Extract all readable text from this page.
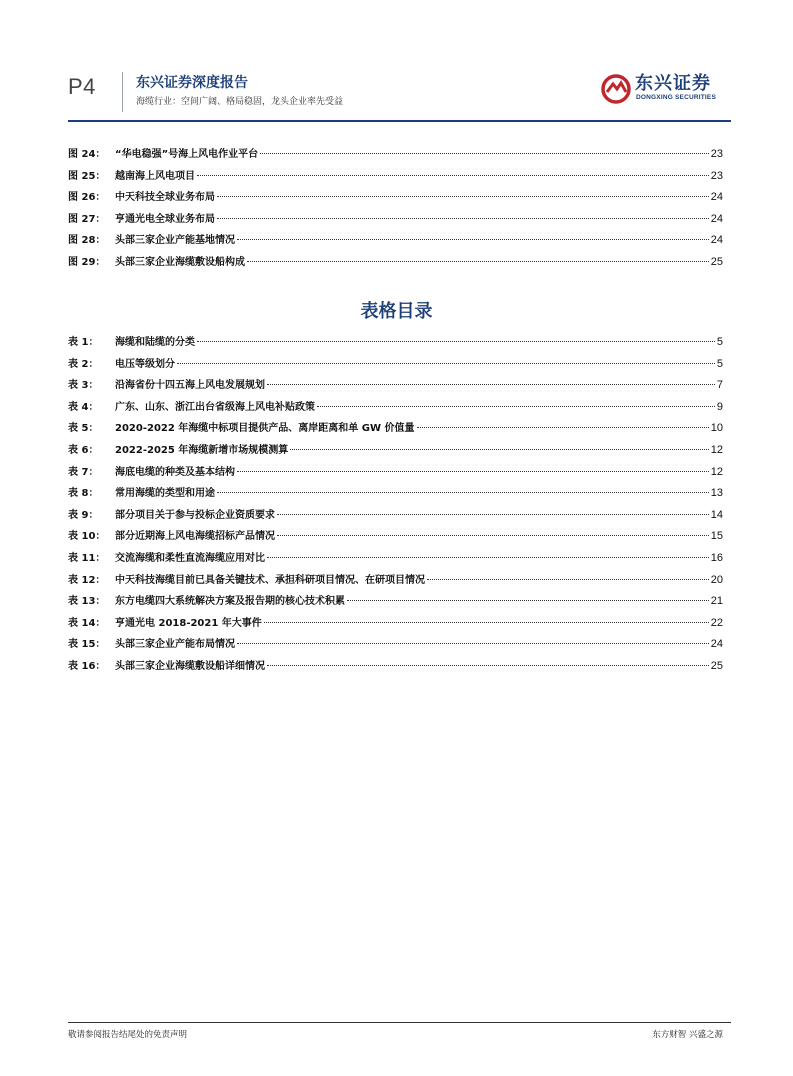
P4	东兴证券深度报告
海缆行业：空间广阔、格局稳固，龙头企业率先受益
东兴证券
DONGXING SECURITIES
图 24： “华电稳强”号海上风电作业平台	23
图 25： 越南海上风电项目	23
图 26： 中天科技全球业务布局	24
图 27： 亨通光电全球业务布局	24
图 28： 头部三家企业产能基地情况	24
图 29： 头部三家企业海缆敷设船构成	25
表格目录
表 1：	海缆和陆缆的分类	5
表 2：	电压等级划分	5
表 3：	沿海省份十四五海上风电发展规划	7
表 4：	广东、山东、浙江出台省级海上风电补贴政策	9
表 5：	2020-2022 年海缆中标项目提供产品、离岸距离和单 GW 价值量	10
表 6：	2022-2025 年海缆新增市场规模测算	12
表 7：	海底电缆的种类及基本结构	12
表 8：	常用海缆的类型和用途	13
表 9：	部分项目关于参与投标企业资质要求	14
表 10： 部分近期海上风电海缆招标产品情况	15
表 11： 交流海缆和柔性直流海缆应用对比	16
表 12： 中天科技海缆目前已具备关键技术、承担科研项目情况、在研项目情况	20
表 13： 东方电缆四大系统解决方案及报告期的核心技术积累	21
表 14： 亨通光电 2018-2021 年大事件	22
表 15： 头部三家企业产能布局情况	24
表 16： 头部三家企业海缆敷设船详细情况	25
敬请参阅报告结尾处的免责声明	东方财智 兴盛之源
